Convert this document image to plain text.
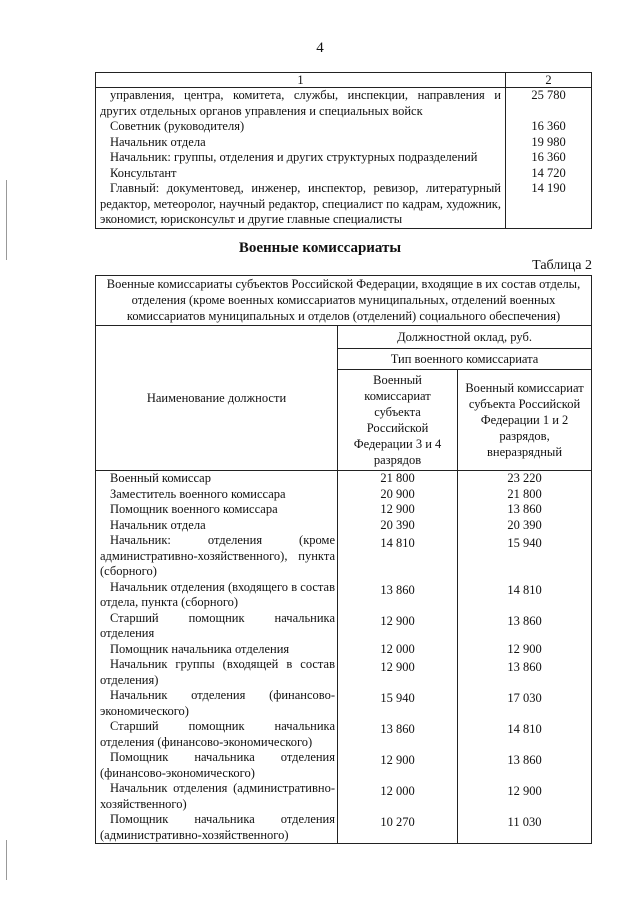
4
1	2
управления, центра, комитета, службы, инспекции, направления и других отдельных органов управления и специальных войск	25 780
Советник (руководителя)	16 360
Начальник отдела	19 980
Начальник: группы, отделения и других структурных подразделений	16 360
Консультант	14 720
Главный: документовед, инженер, инспектор, ревизор, литературный редактор, метеоролог, научный редактор, специалист по кадрам, художник, экономист, юрисконсульт и другие главные специалисты	14 190
Военные комиссариаты
Таблица 2
Военные комиссариаты субъектов Российской Федерации, входящие в их состав отделы, отделения (кроме военных комиссариатов муниципальных, отделений военных комиссариатов муниципальных и отделов (отделений) социального обеспечения)		
Наименование должности	Должностной оклад, руб.	
	Тип военного комиссариата	
	Военный комиссариат субъекта Российской Федерации 3 и 4 разрядов	Военный комиссариат субъекта Российской Федерации 1 и 2 разрядов, внеразрядный
Военный комиссар	21 800	23 220
Заместитель военного комиссара	20 900	21 800
Помощник военного комиссара	12 900	13 860
Начальник отдела	20 390	20 390
Начальник: отделения (кроме административно-хозяйственного), пункта (сборного)	14 810	15 940
Начальник отделения (входящего в состав отдела, пункта (сборного)	13 860	14 810
Старший помощник начальника отделения	12 900	13 860
Помощник начальника отделения	12 000	12 900
Начальник группы (входящей в состав отделения)	12 900	13 860
Начальник отделения (финансово-экономического)	15 940	17 030
Старший помощник начальника отделения (финансово-экономического)	13 860	14 810
Помощник начальника отделения (финансово-экономического)	12 900	13 860
Начальник отделения (административно-хозяйственного)	12 000	12 900
Помощник начальника отделения (административно-хозяйственного)	10 270	11 030
